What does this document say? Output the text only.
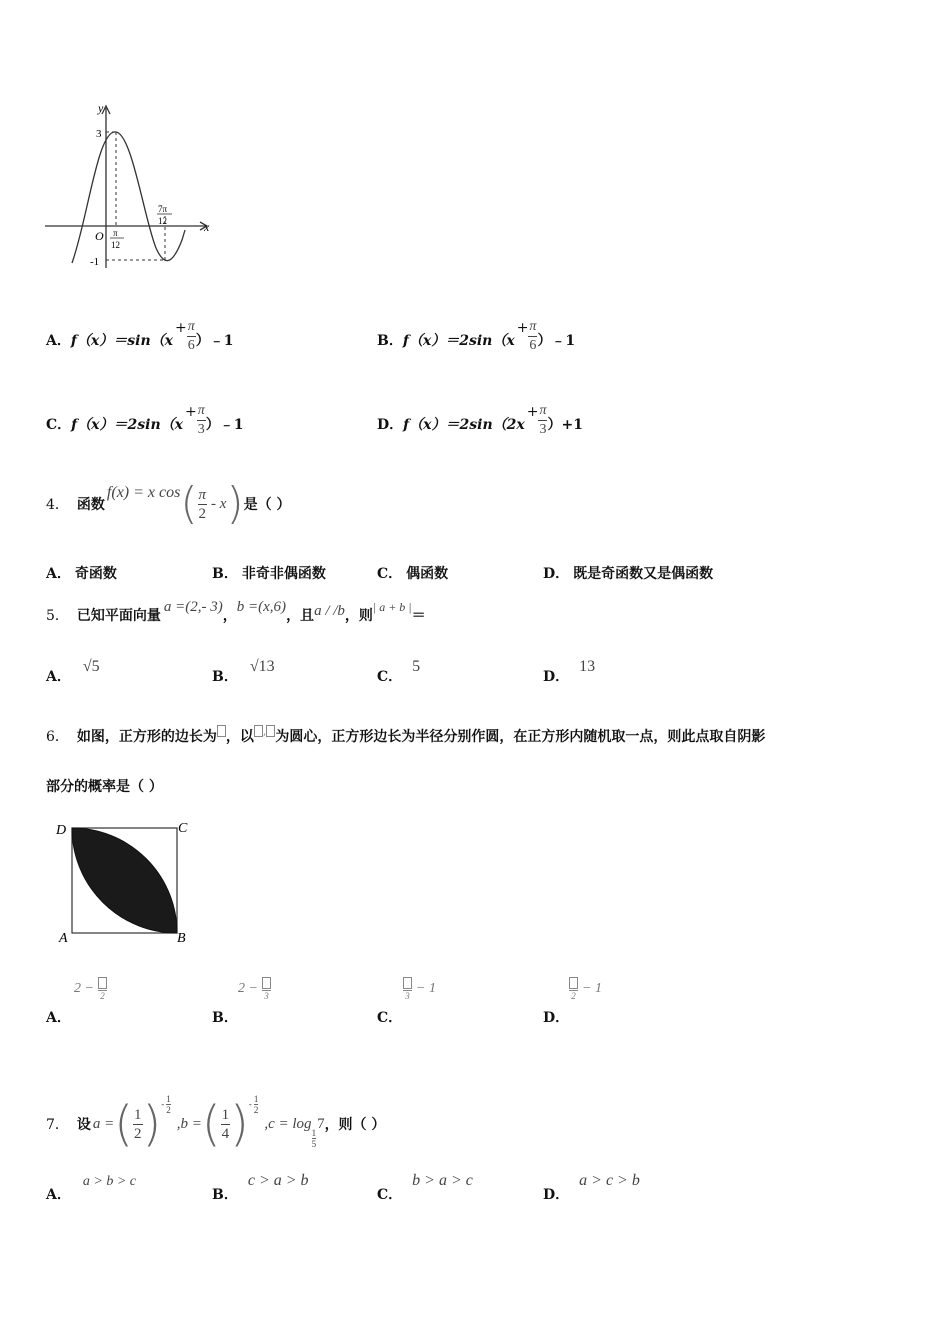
y
x
O
3
-1
π
12
7π
12
A． f（x）＝sin（x
+ $\frac{\pi}{6}$ ）﹣1	B． f（x）＝2sin（x
+ $\frac{\pi}{6}$ ）﹣1
C． f（x）＝2sin（x
+ $\frac{\pi}{3}$ ）﹣1	D． f（x）＝2sin（2x
+ $\frac{\pi}{3} )+1$
4． 函数
f(x) = x cos ( $\frac{\pi}{2}$ - x ) 是（ ）
A． 奇函数	B． 非奇非偶函数	C． 偶函数	D． 既是奇函数又是偶函数
5． 已知平面向量
a =(2,- 3)
，
b =(x,6)
，且 a / /b ，则
| a + b |
＝
A．
√5
B．
√13
C．
5
D．
13
6． 如图，正方形的边长为 ，以 , 为圆心，正方形边长为半径分别作圆，在正方形内随机取一点，则此点取自阴影
部分的概率是（ ）
D	C
A	B
2 − 2
A．
2 − 3
B．
3 − 1
C．
2 − 1
D．
7． 设 a = ( $\frac{1}{2}$ ) - $\frac{1}{2}$
,b = ( $\frac{1}{4}$ ) - $\frac{1}{2}$
,c = log
$\frac{1}{5}$
7 ，则（ ）
A．
a > b > c
B．
c > a > b
C．
b > a > c
D．
a > c > b
